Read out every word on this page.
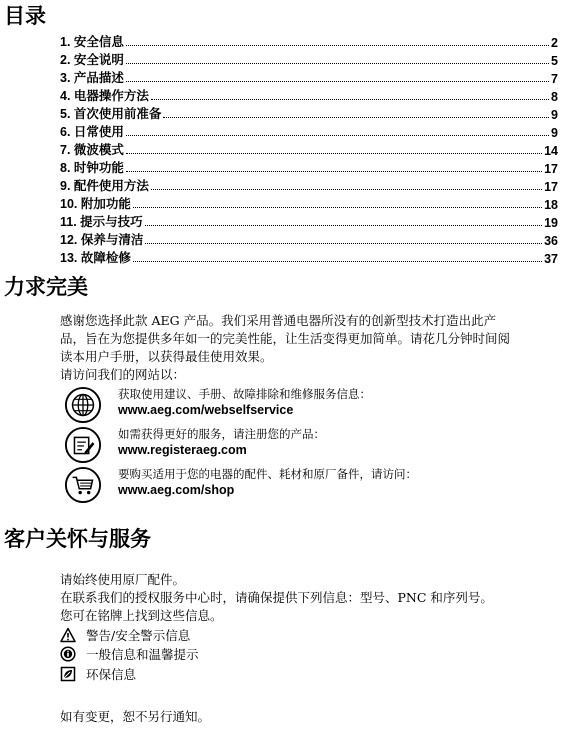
目录
1. 安全信息	2
2. 安全说明	5
3. 产品描述	7
4. 电器操作方法	8
5. 首次使用前准备	9
6. 日常使用	9
7. 微波模式	14
8. 时钟功能	17
9. 配件使用方法	17
10. 附加功能	18
11. 提示与技巧	19
12. 保养与清洁	36
13. 故障检修	37
力求完美
感谢您选择此款 AEG 产品。我们采用普通电器所没有的创新型技术打造出此产
品，旨在为您提供多年如一的完美性能，让生活变得更加简单。请花几分钟时间阅
读本用户手册，以获得最佳使用效果。
请访问我们的网站以：
获取使用建议、手册、故障排除和维修服务信息：
www.aeg.com/webselfservice
如需获得更好的服务，请注册您的产品：
www.registeraeg.com
要购买适用于您的电器的配件、耗材和原厂备件，请访问：
www.aeg.com/shop
客户关怀与服务
请始终使用原厂配件。
在联系我们的授权服务中心时，请确保提供下列信息：型号、PNC 和序列号。
您可在铭牌上找到这些信息。
警告/安全警示信息
一般信息和温馨提示
环保信息
如有变更，恕不另行通知。
